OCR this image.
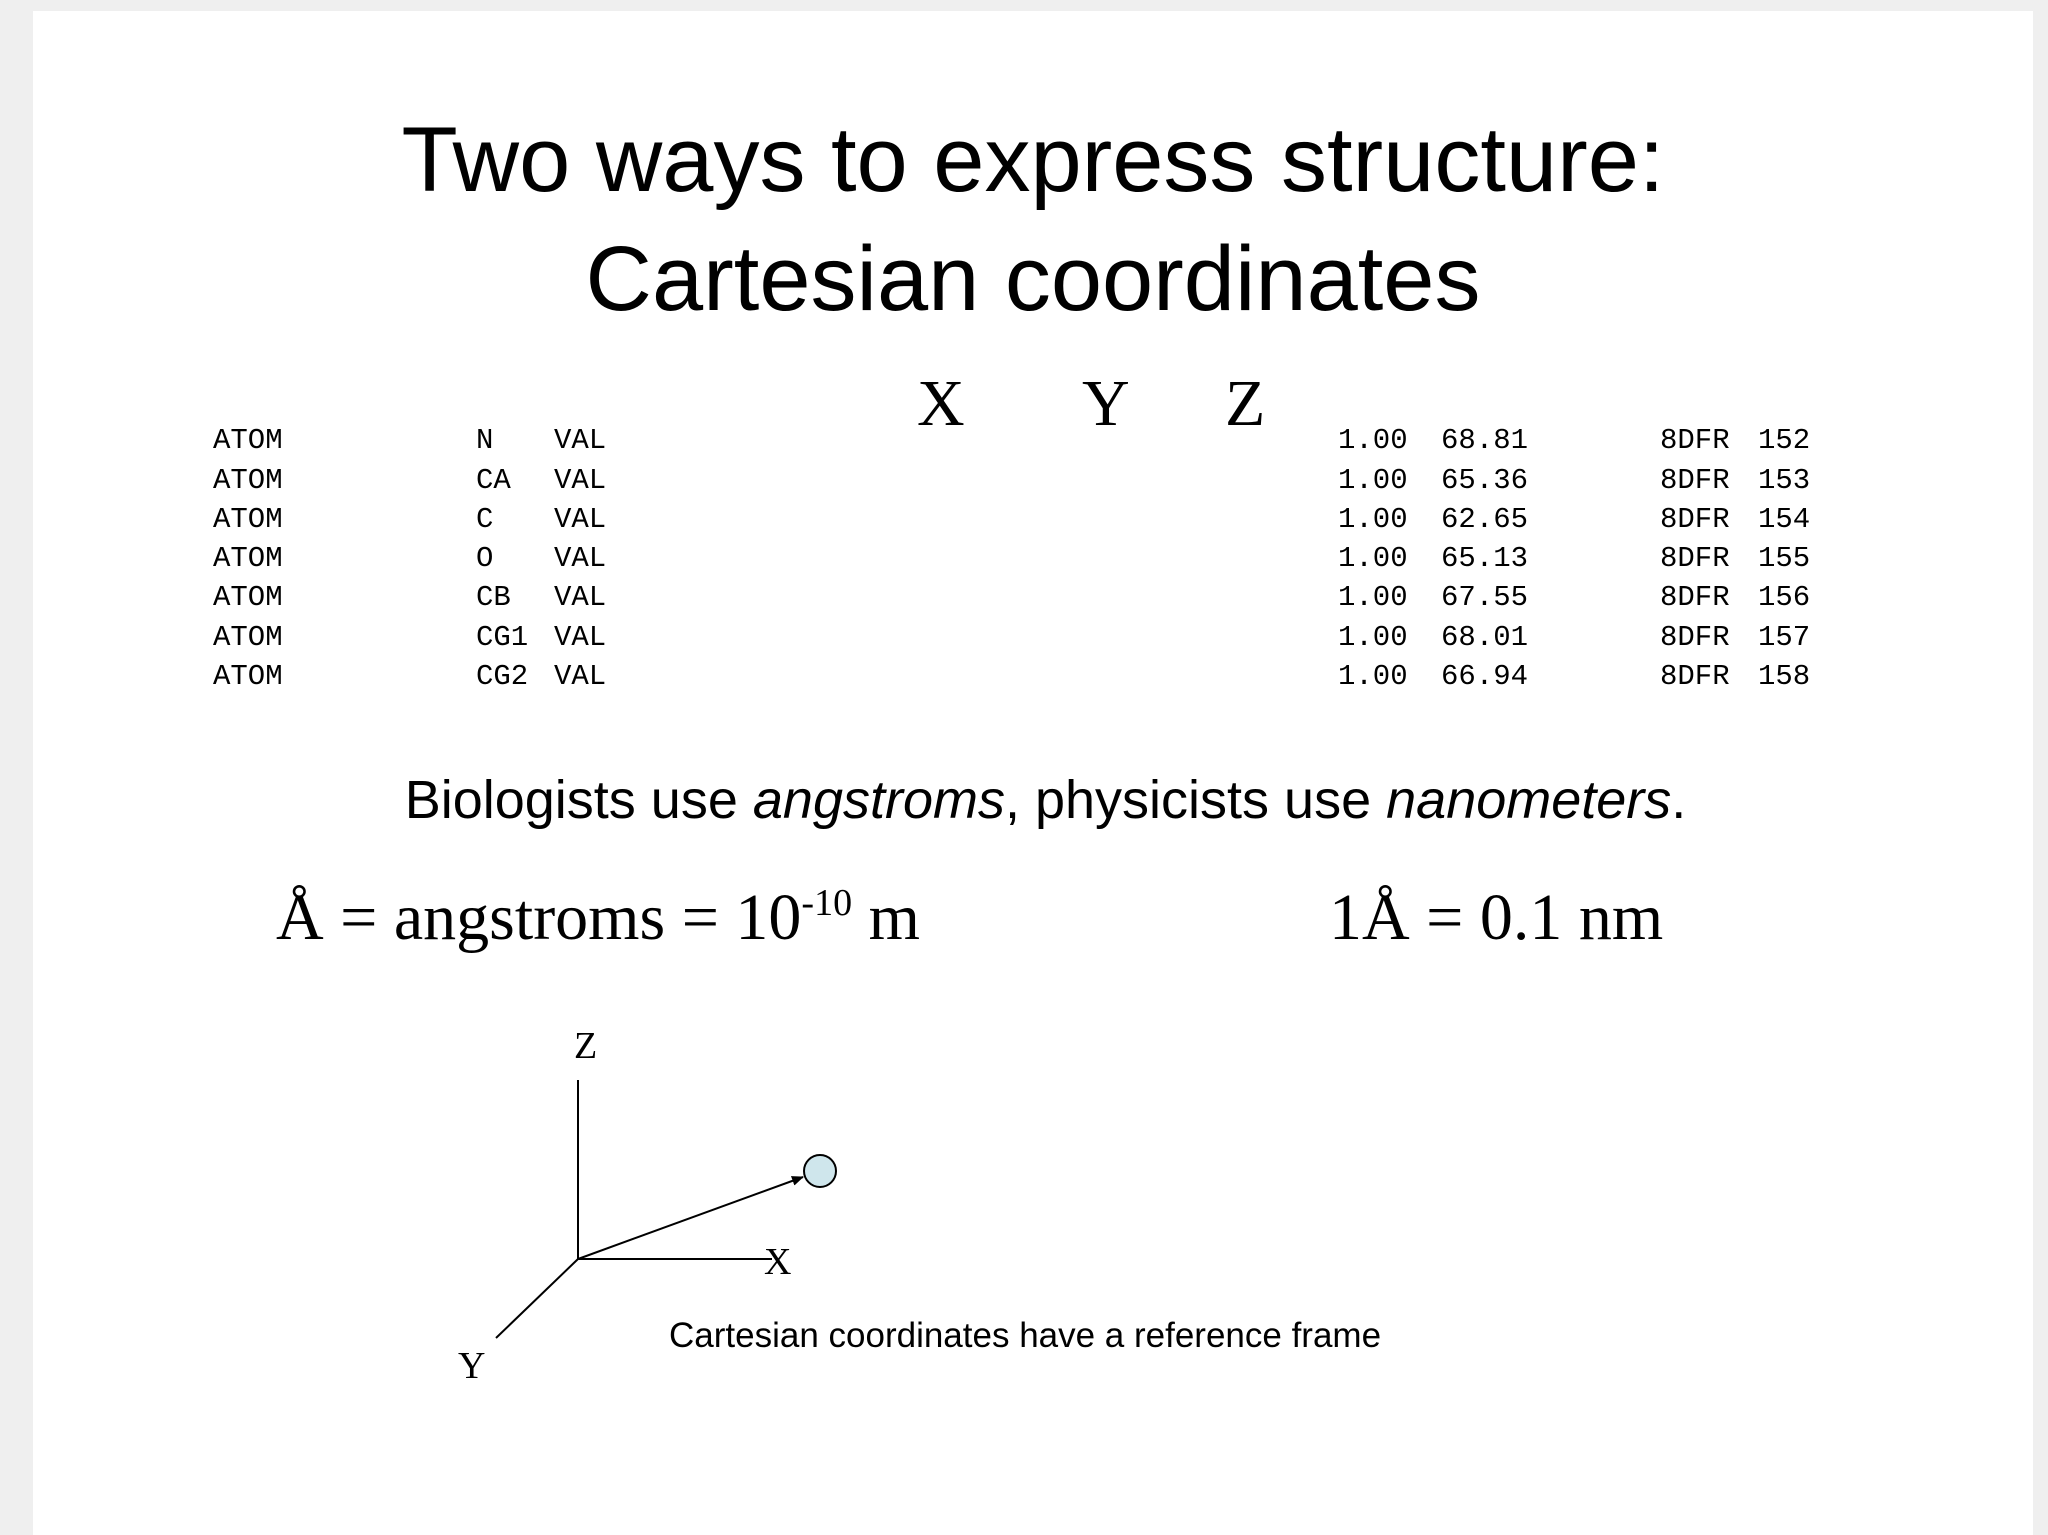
Two ways to express structure:
Cartesian coordinates
X Y Z
ATOM	N VAL	1.00 68.81	8DFR 152
ATOM	CA VAL	1.00 65.36	8DFR 153
ATOM	C VAL	1.00 62.65	8DFR 154
ATOM	O VAL	1.00 65.13	8DFR 155
ATOM	CB VAL	1.00 67.55	8DFR 156
ATOM	CG1 VAL	1.00 68.01	8DFR 157
ATOM	CG2 VAL	1.00 66.94	8DFR 158
Biologists use angstroms, physicists use nanometers.
Å = angstroms = $10^{-10}$ m	1Å = 0.1 nm
Z
X
Y
Cartesian coordinates have a reference frame
